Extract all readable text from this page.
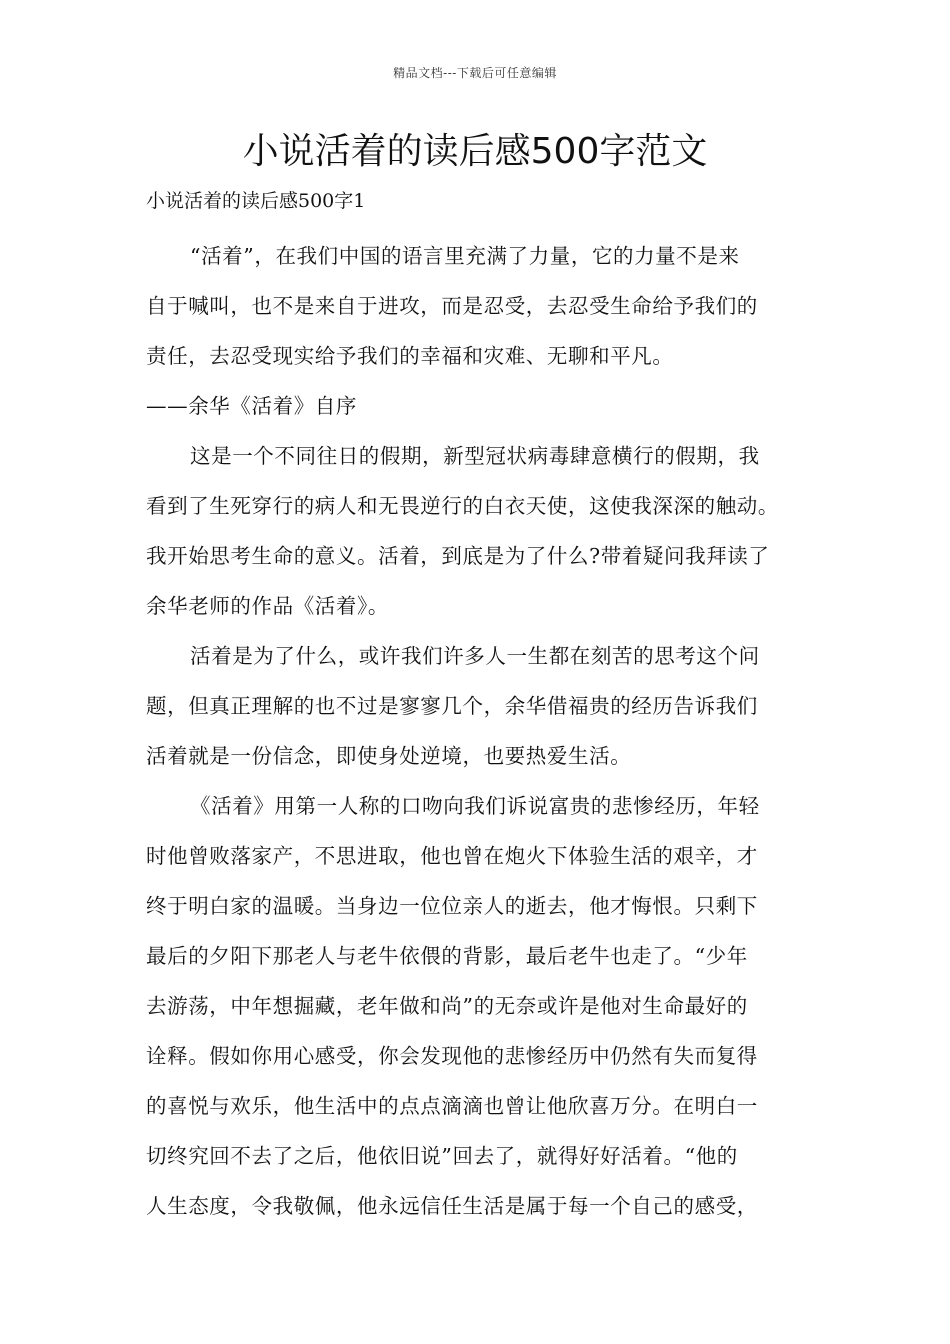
精品文档---下载后可任意编辑
小说活着的读后感500字范文
小说活着的读后感500字1
“活着”，在我们中国的语言里充满了力量，它的力量不是来
自于喊叫，也不是来自于进攻，而是忍受，去忍受生命给予我们的
责任，去忍受现实给予我们的幸福和灾难、无聊和平凡。
——余华《活着》自序
这是一个不同往日的假期，新型冠状病毒肆意横行的假期，我
看到了生死穿行的病人和无畏逆行的白衣天使，这使我深深的触动。
我开始思考生命的意义。活着，到底是为了什么?带着疑问我拜读了
余华老师的作品《活着》。
活着是为了什么，或许我们许多人一生都在刻苦的思考这个问
题，但真正理解的也不过是寥寥几个，余华借福贵的经历告诉我们
活着就是一份信念，即使身处逆境，也要热爱生活。
《活着》用第一人称的口吻向我们诉说富贵的悲惨经历，年轻
时他曾败落家产，不思进取，他也曾在炮火下体验生活的艰辛，才
终于明白家的温暖。当身边一位位亲人的逝去，他才悔恨。只剩下
最后的夕阳下那老人与老牛依偎的背影，最后老牛也走了。“少年
去游荡，中年想掘藏，老年做和尚”的无奈或许是他对生命最好的
诠释。假如你用心感受，你会发现他的悲惨经历中仍然有失而复得
的喜悦与欢乐，他生活中的点点滴滴也曾让他欣喜万分。在明白一
切终究回不去了之后，他依旧说”回去了，就得好好活着。“他的
人生态度，令我敬佩，他永远信任生活是属于每一个自己的感受，
